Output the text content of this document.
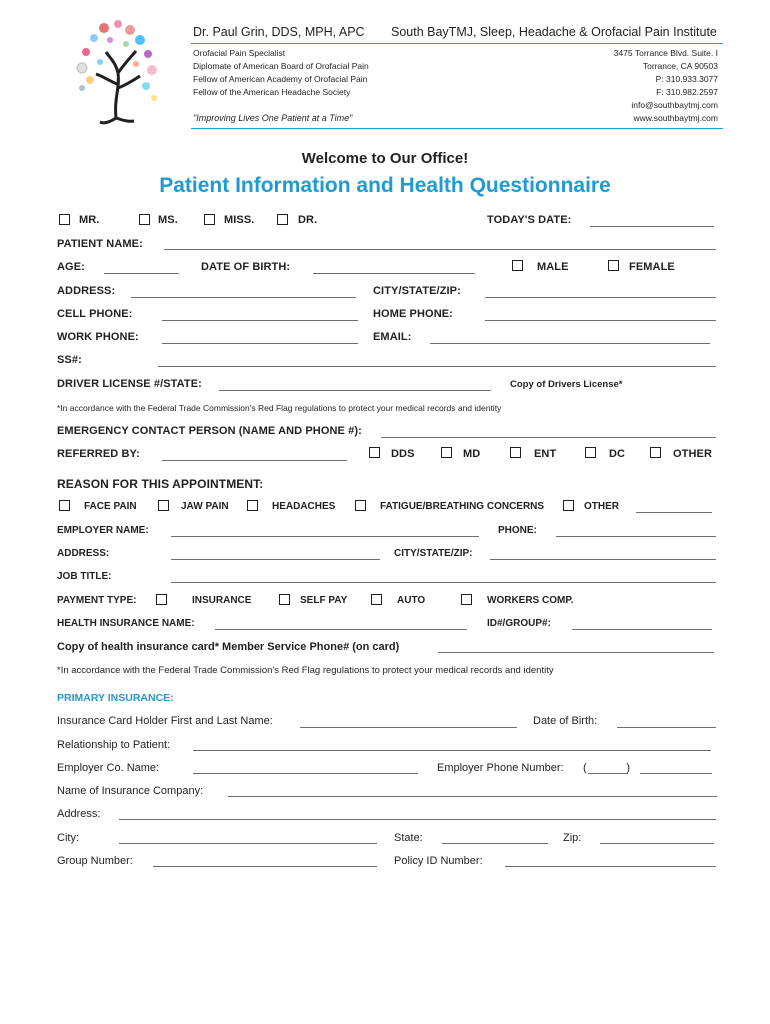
Dr. Paul Grin, DDS, MPH, APC South BayTMJ, Sleep, Headache & Orofacial Pain Institute
Orofacial Pain Specialist
Diplomate of American Board of Orofacial Pain
Fellow of American Academy of Orofacial Pain
Fellow of the American Headache Society
"Improving Lives One Patient at a Time"
3475 Torrance Blvd. Suite. I
Torrance, CA 90503
P: 310.933.3077
F: 310.982.2597
info@southbaytmj.com
www.southbaytmj.com
Welcome to Our Office!
Patient Information and Health Questionnaire
MR.	MS.	MISS.	DR.	TODAY'S DATE:
PATIENT NAME:
AGE:	DATE OF BIRTH:	MALE	FEMALE
ADDRESS:	CITY/STATE/ZIP:
CELL PHONE:	HOME PHONE:
WORK PHONE:	EMAIL:
SS#:
DRIVER LICENSE #/STATE:	Copy of Drivers License*
*In accordance with the Federal Trade Commission's Red Flag regulations to protect your medical records and identity
EMERGENCY CONTACT PERSON (NAME AND PHONE #):
REFERRED BY:	DDS	MD	ENT	DC	OTHER
REASON FOR THIS APPOINTMENT:
FACE PAIN	JAW PAIN	HEADACHES	FATIGUE/BREATHING CONCERNS	OTHER
EMPLOYER NAME:	PHONE:
ADDRESS:	CITY/STATE/ZIP:
JOB TITLE:
PAYMENT TYPE:	INSURANCE	SELF PAY	AUTO	WORKERS COMP.
HEALTH INSURANCE NAME:	ID#/GROUP#:
Copy of health insurance card* Member Service Phone# (on card)
*In accordance with the Federal Trade Commission's Red Flag regulations to protect your medical records and identity
PRIMARY INSURANCE:
Insurance Card Holder First and Last Name:	Date of Birth:
Relationship to Patient:
Employer Co. Name:	Employer Phone Number: (             )
Name of Insurance Company:
Address:
City:	State:	Zip:
Group Number:	Policy ID Number:
